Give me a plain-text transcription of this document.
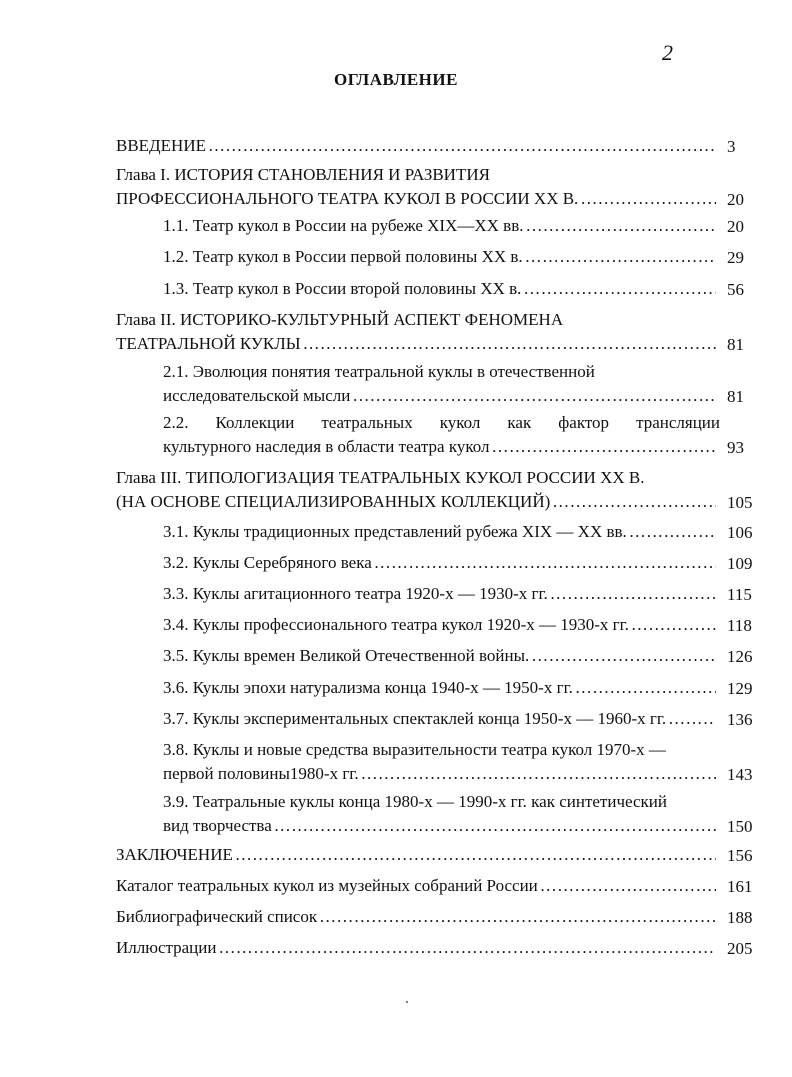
2
ОГЛАВЛЕНИЕ
ВВЕДЕНИЕ ………………………………………………………………………………………………………………………………………………	3
Глава I. ИСТОРИЯ СТАНОВЛЕНИЯ И РАЗВИТИЯ
ПРОФЕССИОНАЛЬНОГО ТЕАТРА КУКОЛ В РОССИИ XX В. ………………………………………………………………………………………………………………………………………………	20
1.1. Театр кукол в России на рубеже XIX—XX вв. ………………………………………………………………………………………………………………………………………………	20
1.2. Театр кукол в России первой половины XX в. ………………………………………………………………………………………………………………………………………………	29
1.3. Театр кукол в России второй половины XX в. ………………………………………………………………………………………………………………………………………………	56
Глава II. ИСТОРИКО-КУЛЬТУРНЫЙ АСПЕКТ ФЕНОМЕНА
ТЕАТРАЛЬНОЙ КУКЛЫ ………………………………………………………………………………………………………………………………………………	81
2.1. Эволюция понятия театральной куклы в отечественной
исследовательской мысли ………………………………………………………………………………………………………………………………………………	81
2.2. Коллекции театральных кукол как фактор трансляции
культурного наследия в области театра кукол ………………………………………………………………………………………………………………………………………………	93
Глава III. ТИПОЛОГИЗАЦИЯ ТЕАТРАЛЬНЫХ КУКОЛ РОССИИ XX В.
(НА ОСНОВЕ СПЕЦИАЛИЗИРОВАННЫХ КОЛЛЕКЦИЙ) ………………………………………………………………………………………………………………………………………………	105
3.1. Куклы традиционных представлений рубежа XIX — XX вв. ………………………………………………………………………………………………………………………………………………	106
3.2. Куклы Серебряного века ………………………………………………………………………………………………………………………………………………	109
3.3. Куклы агитационного театра 1920-х — 1930-х гг. ………………………………………………………………………………………………………………………………………………	115
3.4. Куклы профессионального театра кукол 1920-х — 1930-х гг. ………………………………………………………………………………………………………………………………………………	118
3.5. Куклы времен Великой Отечественной войны. ………………………………………………………………………………………………………………………………………………	126
3.6. Куклы эпохи натурализма конца 1940-х — 1950-х гг. ………………………………………………………………………………………………………………………………………………	129
3.7. Куклы экспериментальных спектаклей конца 1950-х — 1960-х гг. ………………………………………………………………………………………………………………………………………………	136
3.8. Куклы и новые средства выразительности театра кукол 1970-х —
первой половины1980-х гг. ………………………………………………………………………………………………………………………………………………	143
3.9. Театральные куклы конца 1980-х — 1990-х гг. как синтетический
вид творчества ………………………………………………………………………………………………………………………………………………	150
ЗАКЛЮЧЕНИЕ ………………………………………………………………………………………………………………………………………………	156
Каталог театральных кукол из музейных собраний России ………………………………………………………………………………………………………………………………………………	161
Библиографический список ………………………………………………………………………………………………………………………………………………	188
Иллюстрации ………………………………………………………………………………………………………………………………………………	205
